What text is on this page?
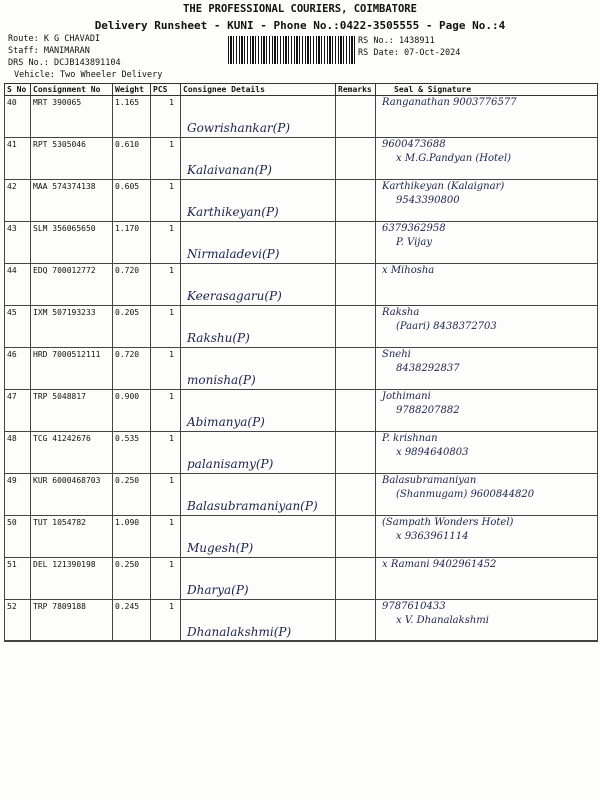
THE PROFESSIONAL COURIERS, COIMBATORE
Delivery Runsheet - KUNI - Phone No.:0422-3505555 - Page No.:4
Route: K G CHAVADI
Staff: MANIMARAN
DRS No.: DCJB143891104
Vehicle: Two Wheeler Delivery
RS No.: 1438911
RS Date: 07-Oct-2024
S No	Consignment No	Weight	PCS	Consignee Details	Remarks	Seal & Signature
40	MRT 390065	1.165	1	Gowrishankar(P)		Ranganathan 9003776577

41	RPT 5305046	0.610	1	Kalaivanan(P)		9600473688
x M.G.Pandyan (Hotel)

42	MAA 574374138	0.605	1	Karthikeyan(P)		Karthikeyan (Kalaignar)
9543390800

43	SLM 356065650	1.170	1	Nirmaladevi(P)		6379362958
P. Vijay

44	EDQ 700012772	0.720	1	Keerasagaru(P)		x Mihosha

45	IXM 507193233	0.205	1	Rakshu(P)		Raksha
(Paari) 8438372703

46	HRD 7000512111	0.720	1	monisha(P)		Snehi
8438292837

47	TRP 5048817	0.900	1	Abimanya(P)		Jothimani
9788207882

48	TCG 41242676	0.535	1	palanisamy(P)		P. krishnan
x 9894640803

49	KUR 6000468703	0.250	1	Balasubramaniyan(P)		Balasubramaniyan
(Shanmugam) 9600844820

50	TUT 1054782	1.090	1	Mugesh(P)		(Sampath Wonders Hotel)
x 9363961114

51	DEL 121390198	0.250	1	Dharya(P)		x Ramani 9402961452

52	TRP 7809188	0.245	1	Dhanalakshmi(P)		9787610433
x V. Dhanalakshmi
